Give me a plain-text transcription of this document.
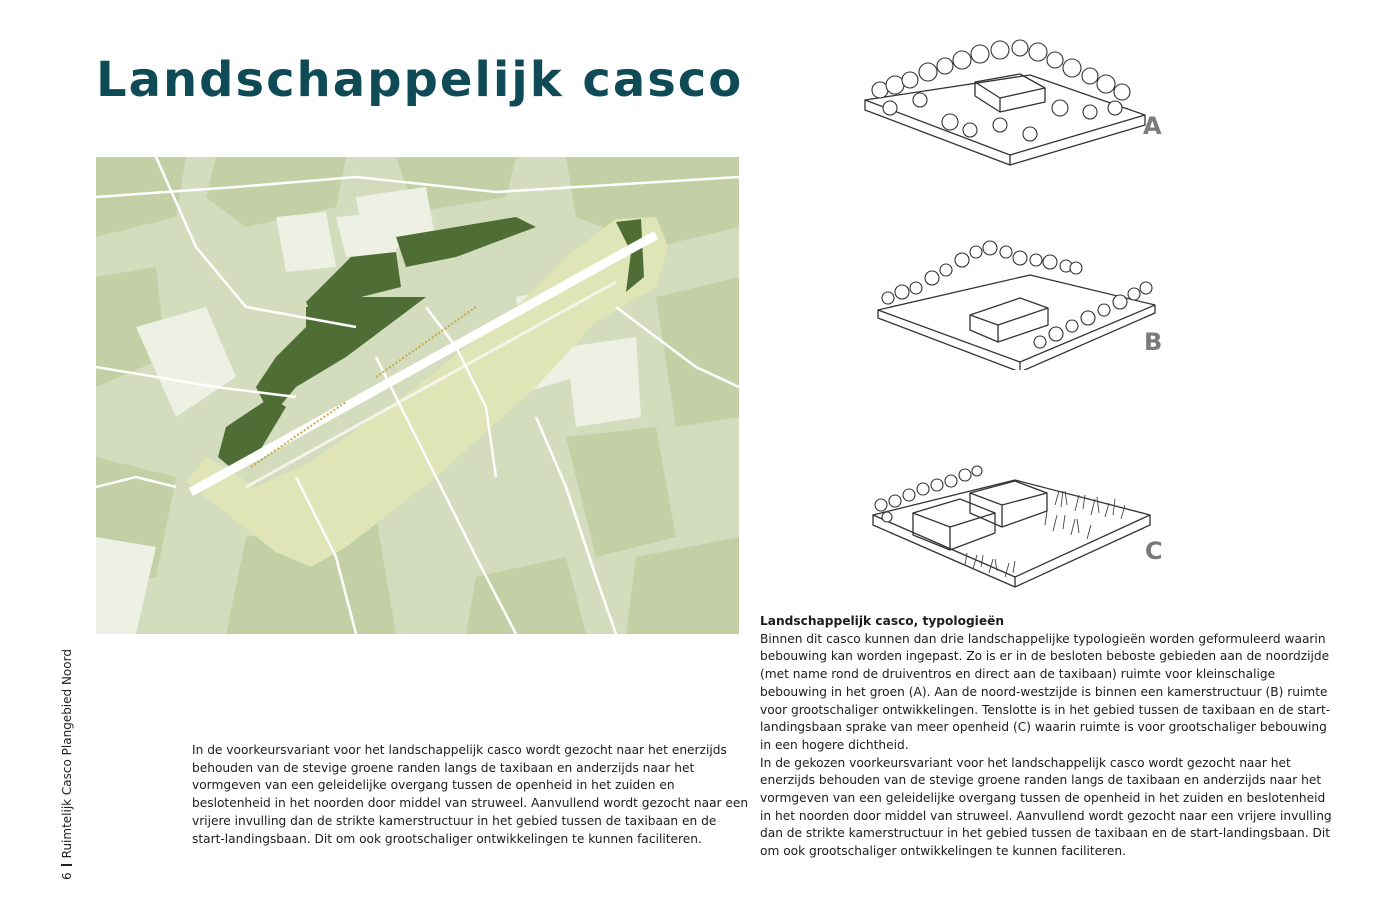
Landschappelijk casco
A
B
C
Landschappelijk casco, typologieën

Binnen dit casco kunnen dan drie landschappelijke typologieën worden geformuleerd waarin bebouwing kan worden ingepast. Zo is er in de besloten beboste gebieden aan de noordzijde (met name rond de druiventros en direct aan de taxibaan) ruimte voor kleinschalige bebouwing in het groen (A). Aan de noord-westzijde is binnen een kamerstructuur (B) ruimte voor grootschaliger ontwikkelingen. Tenslotte is in het gebied tussen de taxibaan en de start-landingsbaan sprake van meer openheid (C) waarin ruimte is voor grootschaliger bebouwing in een hogere dichtheid.

In de gekozen voorkeursvariant voor het landschappelijk casco wordt gezocht naar het enerzijds behouden van de stevige groene randen langs de taxibaan en anderzijds naar het vormgeven van een geleidelijke overgang tussen de openheid in het zuiden en beslotenheid in het noorden door middel van struweel. Aanvullend wordt gezocht naar een vrijere invulling dan de strikte kamerstructuur in het gebied tussen de taxibaan en de start-landingsbaan. Dit om ook grootschaliger ontwikkelingen te kunnen faciliteren.

In de voorkeursvariant voor het landschappelijk casco wordt gezocht naar het enerzijds behouden van de stevige groene randen langs de taxibaan en anderzijds naar het vormgeven van een geleidelijke overgang tussen de openheid in het zuiden en beslotenheid in het noorden door middel van struweel. Aanvullend wordt gezocht naar een vrijere invulling dan de strikte kamerstructuur in het gebied tussen de taxibaan en de start-landingsbaan. Dit om ook grootschaliger ontwikkelingen te kunnen faciliteren.

6Ruimtelijk Casco Plangebied Noord
